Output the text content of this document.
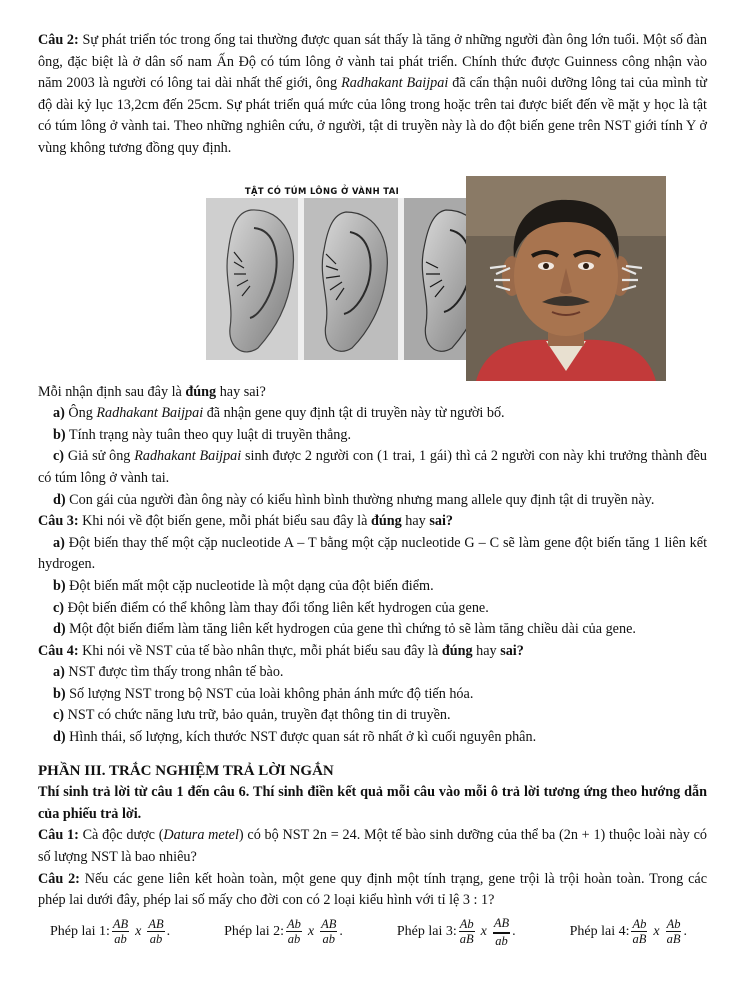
Câu 2: Sự phát triển tóc trong ống tai thường được quan sát thấy là tăng ở những người đàn ông lớn tuổi. Một số đàn ông, đặc biệt là ở dân số nam Ấn Độ có túm lông ở vành tai phát triển. Chính thức được Guinness công nhận vào năm 2003 là người có lông tai dài nhất thế giới, ông Radhakant Baijpai đã cẩn thận nuôi dưỡng lông tai của mình từ độ dài kỷ lục 13,2cm đến 25cm. Sự phát triển quá mức của lông trong hoặc trên tai được biết đến về mặt y học là tật có túm lông ở vành tai. Theo những nghiên cứu, ở người, tật di truyền này là do đột biến gene trên NST giới tính Y ở vùng không tương đồng quy định.

TẬT CÓ TÚM LÔNG Ở VÀNH TAI

Mỗi nhận định sau đây là đúng hay sai?

a) Ông Radhakant Baijpai đã nhận gene quy định tật di truyền này từ người bố.

b) Tính trạng này tuân theo quy luật di truyền thẳng.

c) Giả sử ông Radhakant Baijpai sinh được 2 người con (1 trai, 1 gái) thì cả 2 người con này khi trưởng thành đều có túm lông ở vành tai.

d) Con gái của người đàn ông này có kiểu hình bình thường nhưng mang allele quy định tật di truyền này.

Câu 3: Khi nói về đột biến gene, mỗi phát biểu sau đây là đúng hay sai?

a) Đột biến thay thế một cặp nucleotide A – T bằng một cặp nucleotide G – C sẽ làm gene đột biến tăng 1 liên kết hydrogen.

b) Đột biến mất một cặp nucleotide là một dạng của đột biến điểm.

c) Đột biến điểm có thể không làm thay đổi tổng liên kết hydrogen của gene.

d) Một đột biến điểm làm tăng liên kết hydrogen của gene thì chứng tỏ sẽ làm tăng chiều dài của gene.

Câu 4: Khi nói về NST của tế bào nhân thực, mỗi phát biểu sau đây là đúng hay sai?

a) NST được tìm thấy trong nhân tế bào.

b) Số lượng NST trong bộ NST của loài không phản ánh mức độ tiến hóa.

c) NST có chức năng lưu trữ, bảo quản, truyền đạt thông tin di truyền.

d) Hình thái, số lượng, kích thước NST được quan sát rõ nhất ở kì cuối nguyên phân.

PHẦN III. TRẮC NGHIỆM TRẢ LỜI NGẮN

Thí sinh trả lời từ câu 1 đến câu 6. Thí sinh điền kết quả mỗi câu vào mỗi ô trả lời tương ứng theo hướng dẫn của phiếu trả lời.

Câu 1: Cà độc dược (Datura metel) có bộ NST 2n = 24. Một tế bào sinh dưỡng của thể ba (2n + 1) thuộc loài này có số lượng NST là bao nhiêu?

Câu 2: Nếu các gene liên kết hoàn toàn, một gene quy định một tính trạng, gene trội là trội hoàn toàn. Trong các phép lai dưới đây, phép lai số mấy cho đời con có 2 loại kiểu hình với tỉ lệ 3 : 1?

Phép lai 1: $\frac{AB}{ab}$ x $\frac{AB}{ab}$ .	Phép lai 2: $\frac{Ab}{ab}$ x $\frac{AB}{ab}$ .	Phép lai 3: $\frac{Ab}{aB}$ x $\frac{AB}{ab}$ .	Phép lai 4: $\frac{Ab}{aB}$ x $\frac{Ab}{aB}$ .
